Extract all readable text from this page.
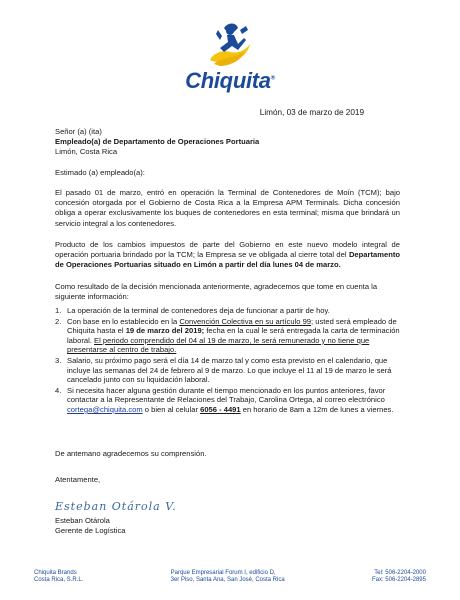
Chiquita®
Limón, 03 de marzo de 2019
Señor (a) (ita)
Empleado(a) de Departamento de Operaciones Portuaria
Limón, Costa Rica
Estimado (a) empleado(a):
El pasado 01 de marzo, entró en operación la Terminal de Contenedores de Moín (TCM); bajo concesión otorgada por el Gobierno de Costa Rica a la Empresa APM Terminals. Dicha concesión obliga a operar exclusivamente los buques de contenedores en esta terminal; misma que brindará un servicio integral a los contenedores.
Producto de los cambios impuestos de parte del Gobierno en este nuevo modelo integral de operación portuaria brindado por la TCM; la Empresa se ve obligada al cierre total del Departamento de Operaciones Portuarias situado en Limón a partir del día lunes 04 de marzo.
Como resultado de la decisión mencionada anteriormente, agradecemos que tome en cuenta la siguiente información:
1. La operación de la terminal de contenedores deja de funcionar a partir de hoy.
2. Con base en lo establecido en la Convención Colectiva en su artículo 99; usted será empleado de Chiquita hasta el 19 de marzo del 2019; fecha en la cual le será entregada la carta de terminación laboral. El periodo comprendido del 04 al 19 de marzo, le será remunerado y no tiene que presentarse al centro de trabajo.
3. Salario, su próximo pago será el día 14 de marzo tal y como esta previsto en el calendario, que incluye las semanas del 24 de febrero al 9 de marzo. Lo que incluye el 11 al 19 de marzo le será cancelado junto con su liquidación laboral.
4. Si necesita hacer alguna gestión durante el tiempo mencionado en los puntos anteriores, favor contactar a la Representante de Relaciones del Trabajo, Carolina Ortega, al correo electrónico cortega@chiquita.com o bien al celular 6056 - 4491 en horario de 8am a 12m de lunes a viernes.
De antemano agradecemos su comprensión.
Atentamente,
Esteban Otárola V.
Esteban Otárola
Gerente de Logística
Chiquita Brands
Costa Rica, S.R.L.
Parque Empresarial Forum I, edificio D,
3er Piso, Santa Ana, San José, Costa Rica
Tel: 506-2204-2000
Fax: 506-2204-2895
